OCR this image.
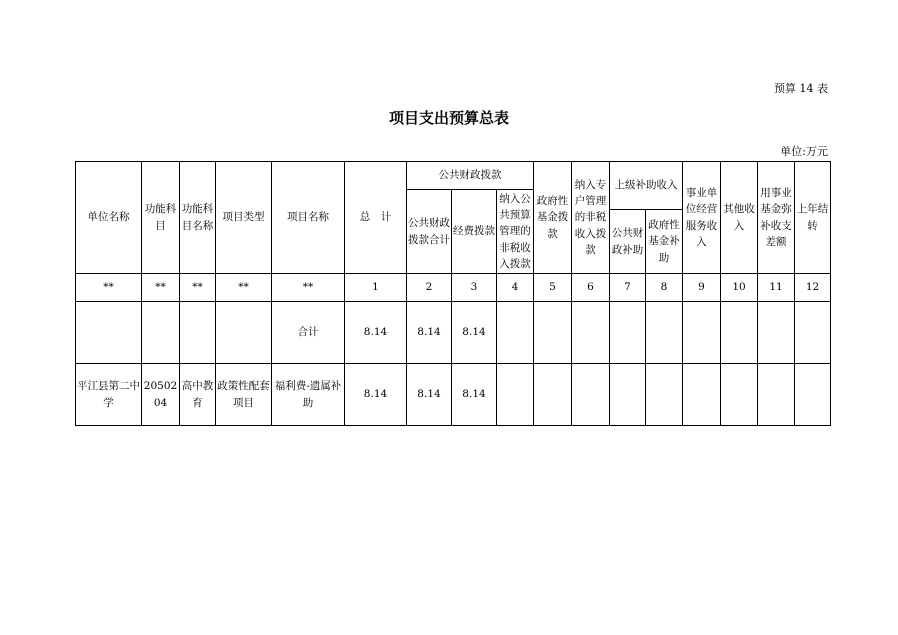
预算 14 表
项目支出预算总表
单位:万元
单位名称	功能科目	功能科目名称	项目类型	项目名称	总　计	公共财政拨款			政府性基金拨款	纳入专户管理的非税收入拨款	上级补助收入		事业单位经营服务收入	其他收入	用事业基金弥补收支差额	上年结转
						公共财政拨款合计	经费拨款	纳入公共预算管理的非税收入拨款								
											公共财政补助	政府性基金补助				
**	**	**	**	**	1	2	3	4	5	6	7	8	9	10	11	12
				合计	8.14	8.14	8.14									
平江县第二中学	2050204	高中教育	政策性配套项目	福利费-遗属补助	8.14	8.14	8.14									
